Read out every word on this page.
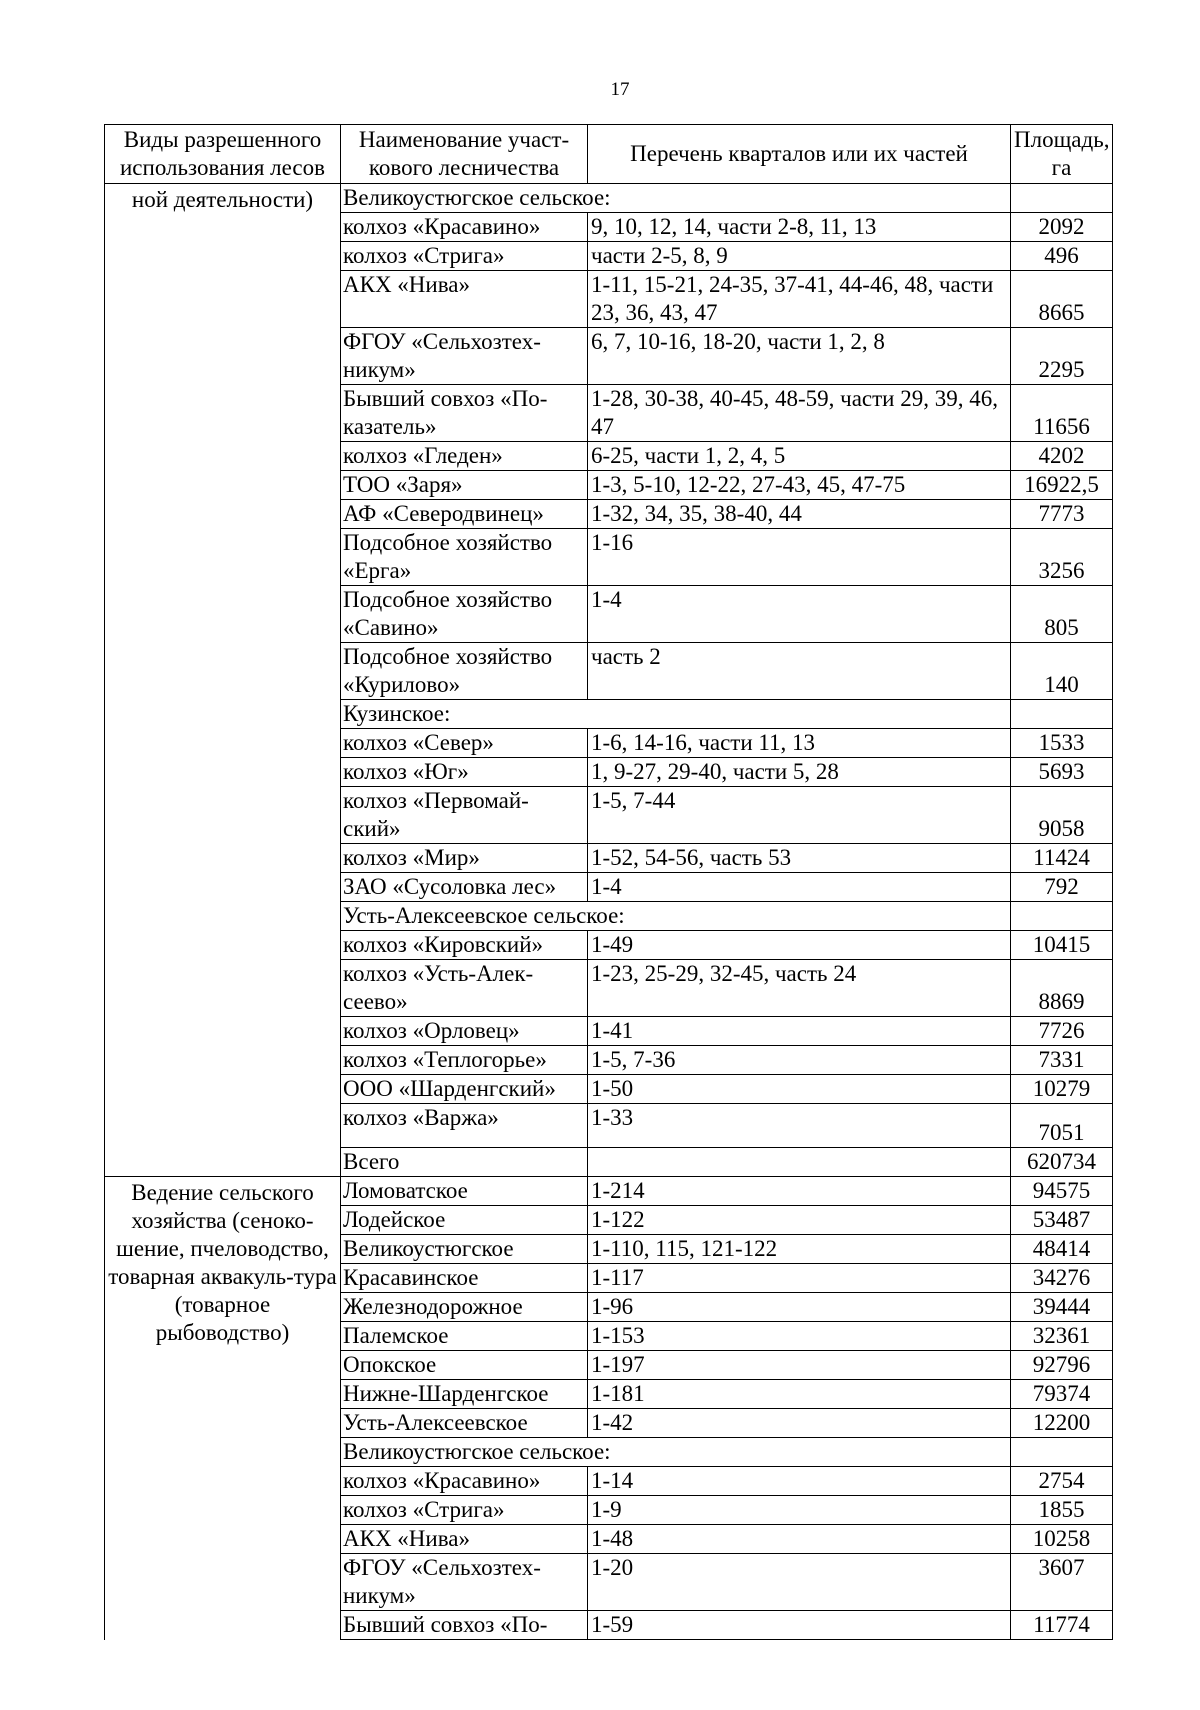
17
Виды разрешенного использования лесов	Наименование участ-кового лесничества	Перечень кварталов или их частей	Площадь, га
ной деятельности)	Великоустюгское сельское:		
	колхоз «Красавино»	9, 10, 12, 14, части 2-8, 11, 13	2092
	колхоз «Стрига»	части 2-5, 8, 9	496
	АКХ «Нива»	1-11, 15-21, 24-35, 37-41, 44-46, 48, части 23, 36, 43, 47	8665
	ФГОУ «Сельхозтех-никум»	6, 7, 10-16, 18-20, части 1, 2, 8	2295
	Бывший совхоз «По-казатель»	1-28, 30-38, 40-45, 48-59, части 29, 39, 46, 47	11656
	колхоз «Гледен»	6-25, части 1, 2, 4, 5	4202
	ТОО «Заря»	1-3, 5-10, 12-22, 27-43, 45, 47-75	16922,5
	АФ «Северодвинец»	1-32, 34, 35, 38-40, 44	7773
	Подсобное хозяйство «Ерга»	1-16	3256
	Подсобное хозяйство «Савино»	1-4	805
	Подсобное хозяйство «Курилово»	часть 2	140
	Кузинское:		
	колхоз «Север»	1-6, 14-16, части 11, 13	1533
	колхоз «Юг»	1, 9-27, 29-40, части 5, 28	5693
	колхоз «Первомай-ский»	1-5, 7-44	9058
	колхоз «Мир»	1-52, 54-56, часть 53	11424
	ЗАО «Сусоловка лес»	1-4	792
	Усть-Алексеевское сельское:		
	колхоз «Кировский»	1-49	10415
	колхоз «Усть-Алек-сеево»	1-23, 25-29, 32-45, часть 24	8869
	колхоз «Орловец»	1-41	7726
	колхоз «Теплогорье»	1-5, 7-36	7331
	ООО «Шарденгский»	1-50	10279
	колхоз «Варжа»	1-33	7051
	Всего		620734
Ведение сельского хозяйства (сеноко-шение, пчеловодство, товарная аквакуль-тура (товарное рыбоводство)	Ломоватское	1-214	94575
	Лодейское	1-122	53487
	Великоустюгское	1-110, 115, 121-122	48414
	Красавинское	1-117	34276
	Железнодорожное	1-96	39444
	Палемское	1-153	32361
	Опокское	1-197	92796
	Нижне-Шарденгское	1-181	79374
	Усть-Алексеевское	1-42	12200
	Великоустюгское сельское:		
	колхоз «Красавино»	1-14	2754
	колхоз «Стрига»	1-9	1855
	АКХ «Нива»	1-48	10258
	ФГОУ «Сельхозтех-никум»	1-20	3607
	Бывший совхоз «По-	1-59	11774
